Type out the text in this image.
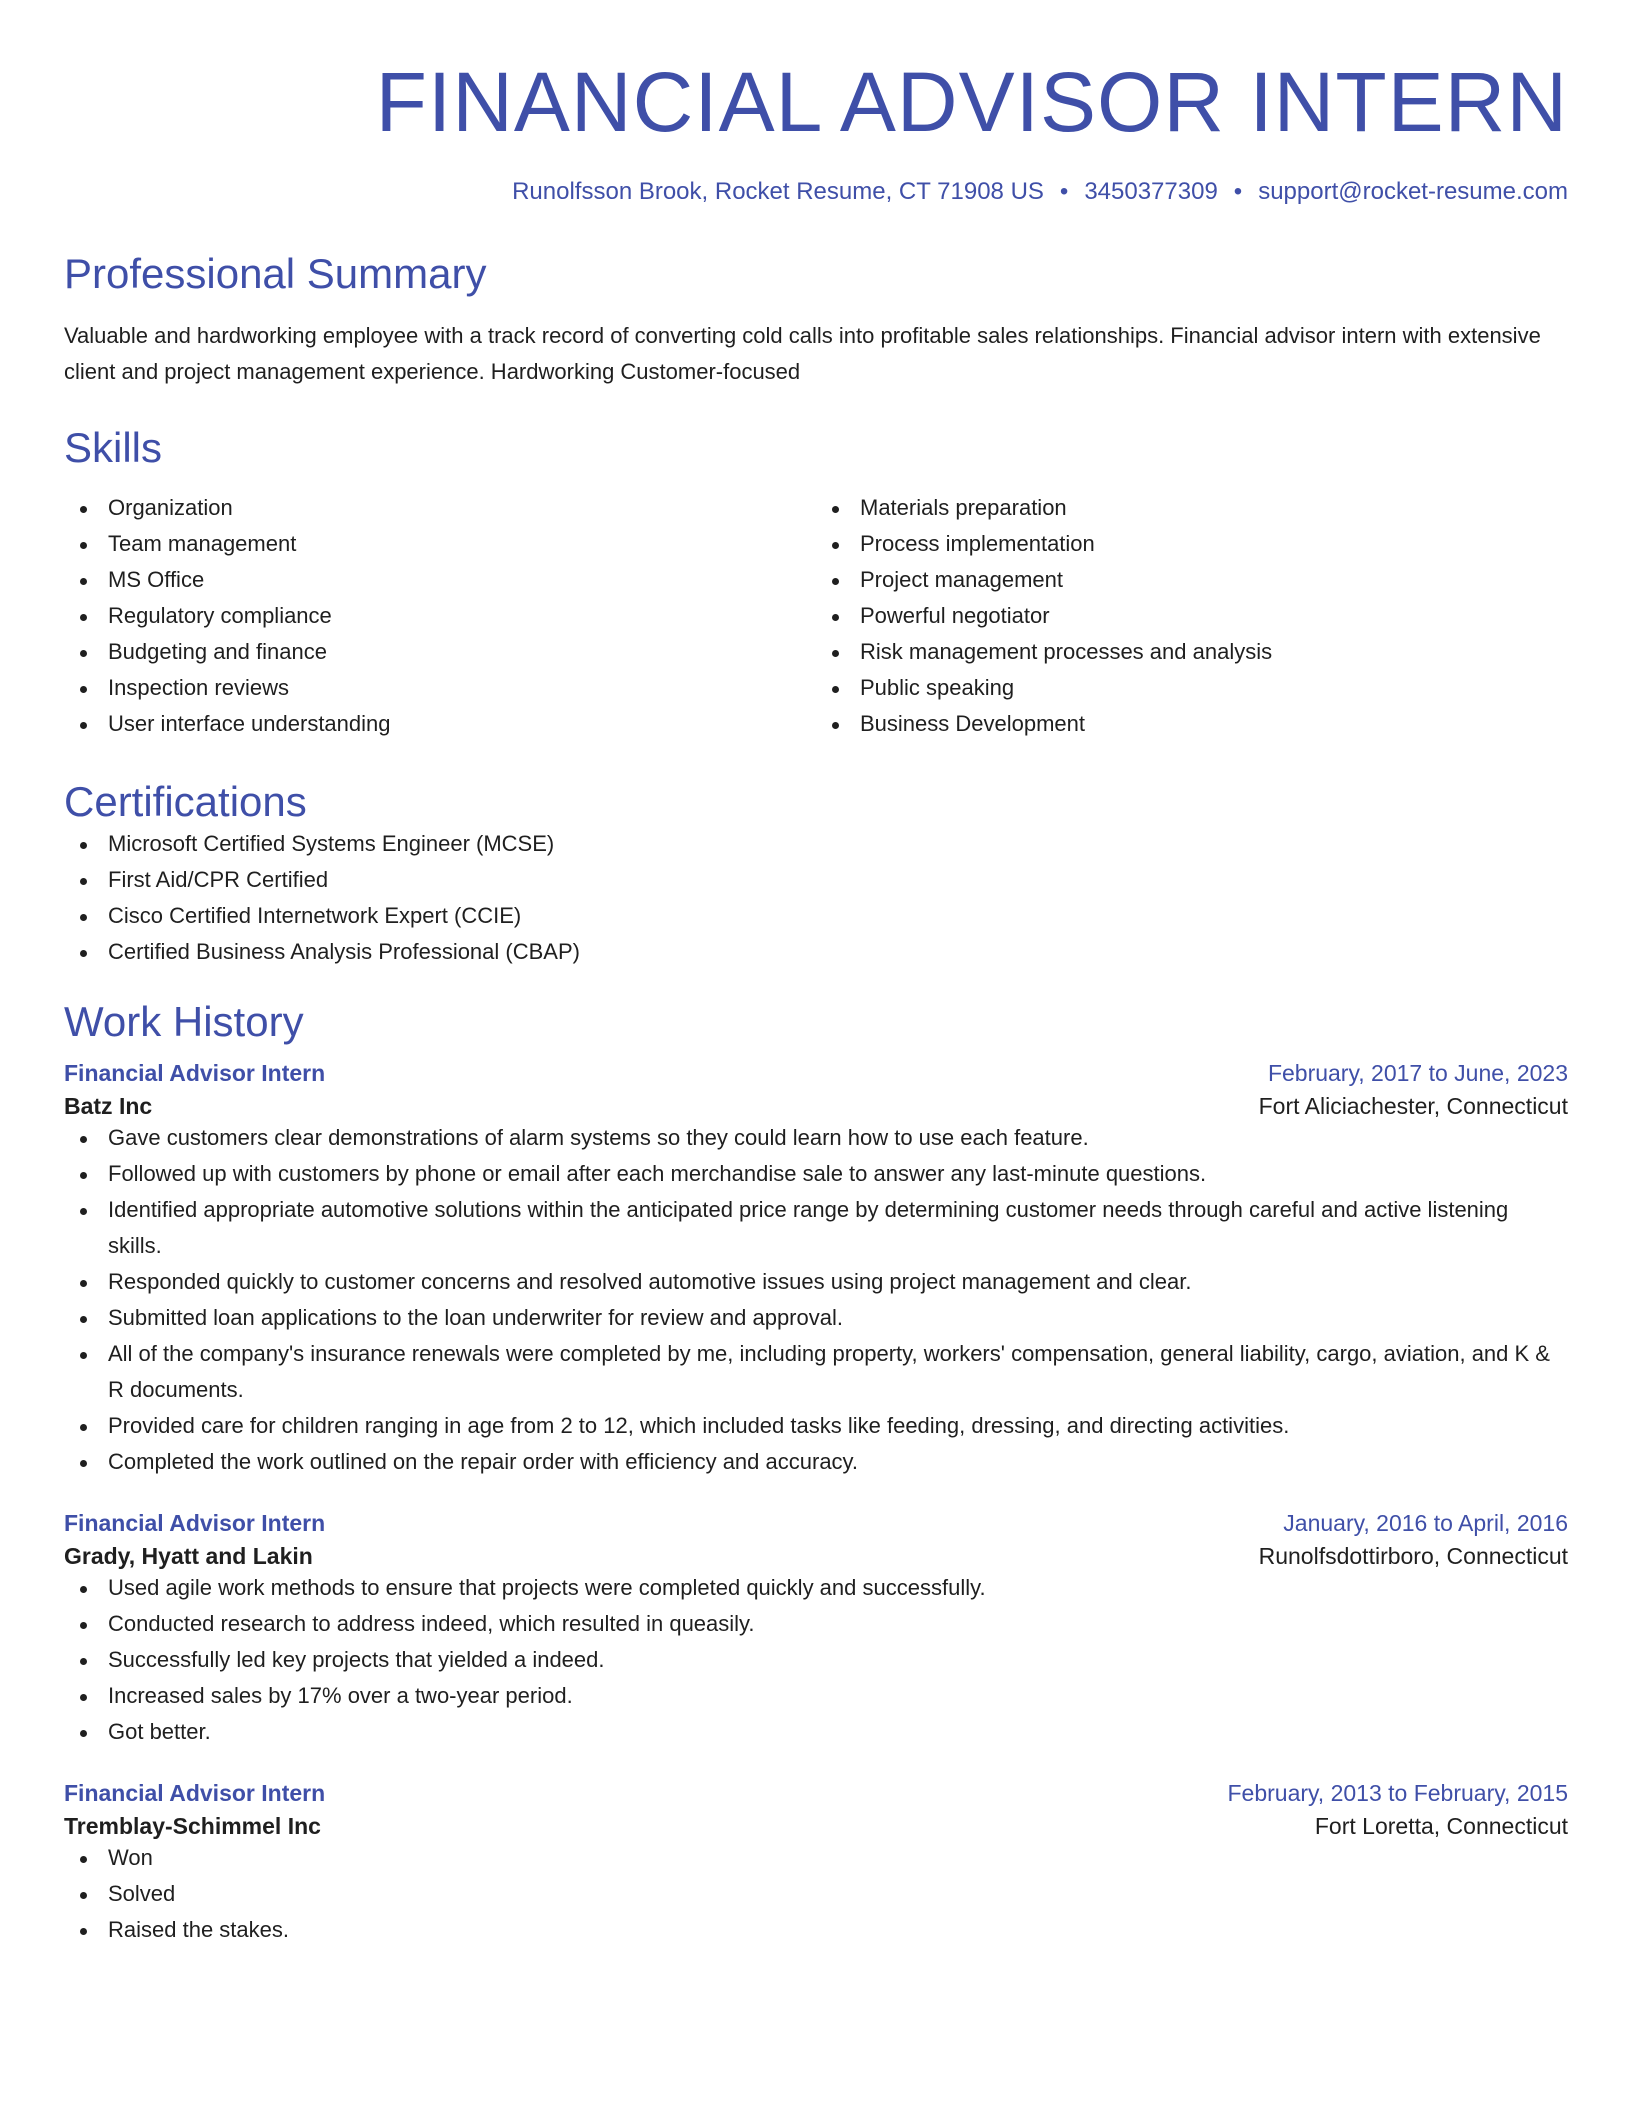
FINANCIAL ADVISOR INTERN
Runolfsson Brook, Rocket Resume, CT 71908 US • 3450377309 • support@rocket-resume.com
Professional Summary
Valuable and hardworking employee with a track record of converting cold calls into profitable sales relationships. Financial advisor intern with extensive client and project management experience. Hardworking Customer-focused
Skills
Organization
Team management
MS Office
Regulatory compliance
Budgeting and finance
Inspection reviews
User interface understanding
Materials preparation
Process implementation
Project management
Powerful negotiator
Risk management processes and analysis
Public speaking
Business Development
Certifications
Microsoft Certified Systems Engineer (MCSE)
First Aid/CPR Certified
Cisco Certified Internetwork Expert (CCIE)
Certified Business Analysis Professional (CBAP)
Work History
Financial Advisor Intern	February, 2017 to June, 2023
Batz Inc	Fort Aliciachester, Connecticut
Gave customers clear demonstrations of alarm systems so they could learn how to use each feature.
Followed up with customers by phone or email after each merchandise sale to answer any last-minute questions.
Identified appropriate automotive solutions within the anticipated price range by determining customer needs through careful and active listening skills.
Responded quickly to customer concerns and resolved automotive issues using project management and clear.
Submitted loan applications to the loan underwriter for review and approval.
All of the company's insurance renewals were completed by me, including property, workers' compensation, general liability, cargo, aviation, and K & R documents.
Provided care for children ranging in age from 2 to 12, which included tasks like feeding, dressing, and directing activities.
Completed the work outlined on the repair order with efficiency and accuracy.
Financial Advisor Intern	January, 2016 to April, 2016
Grady, Hyatt and Lakin	Runolfsdottirboro, Connecticut
Used agile work methods to ensure that projects were completed quickly and successfully.
Conducted research to address indeed, which resulted in queasily.
Successfully led key projects that yielded a indeed.
Increased sales by 17% over a two-year period.
Got better.
Financial Advisor Intern	February, 2013 to February, 2015
Tremblay-Schimmel Inc	Fort Loretta, Connecticut
Won
Solved
Raised the stakes.
